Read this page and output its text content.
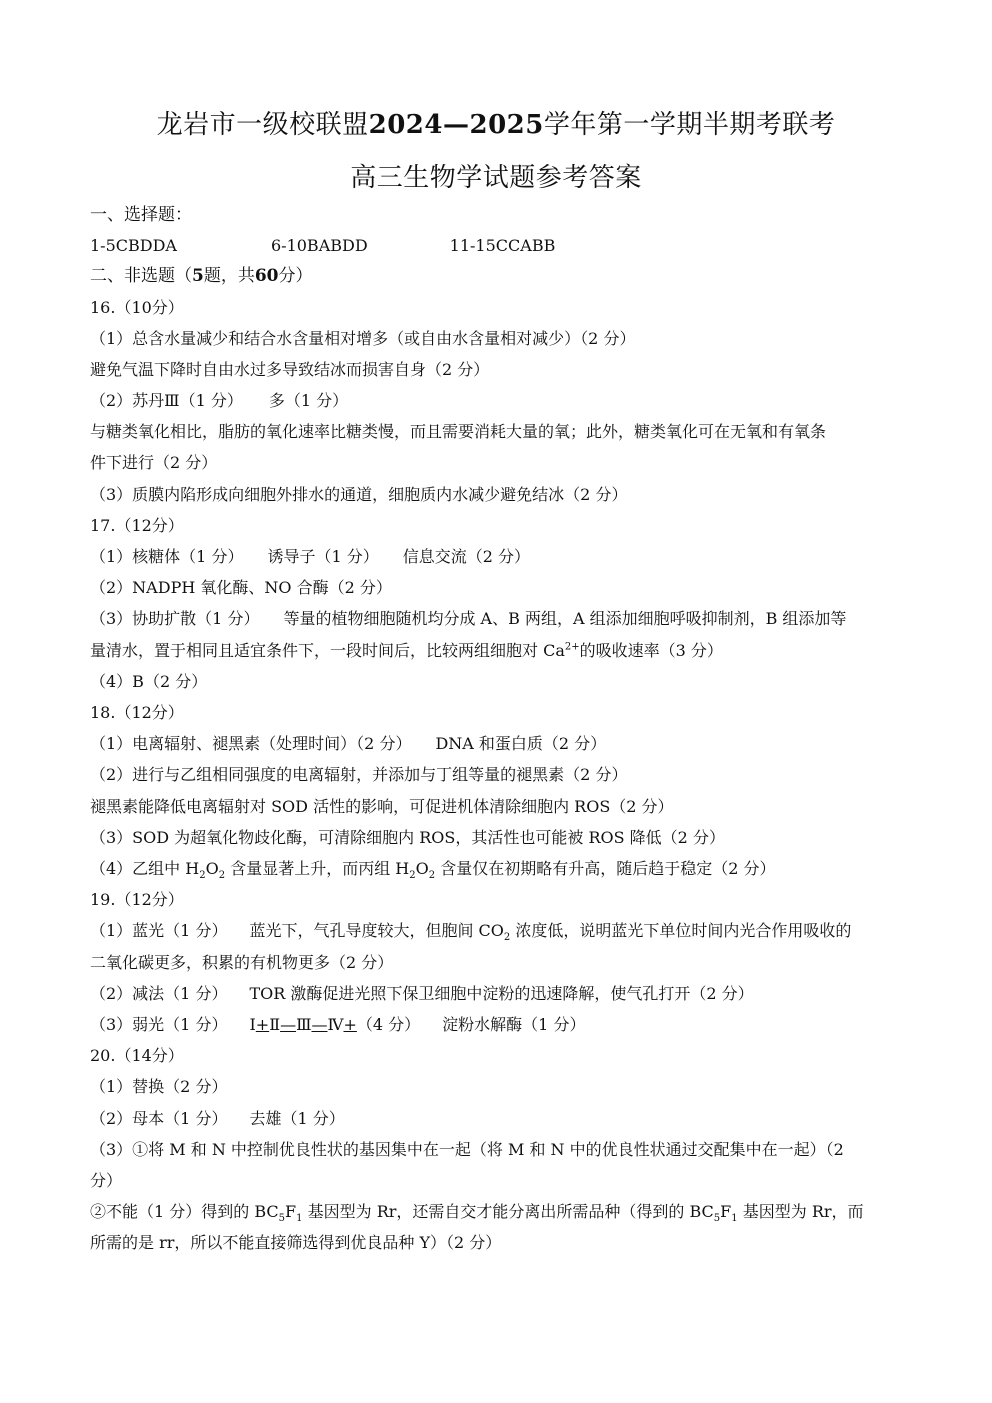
龙岩市一级校联盟2024—2025学年第一学期半期考联考
高三生物学试题参考答案
一、选择题：
1-5CBDDA	6-10BABDD	11-15CCABB
二、非选题（5题，共60分）
16.（10分）
（1）总含水量减少和结合水含量相对增多（或自由水含量相对减少）（2 分）
避免气温下降时自由水过多导致结冰而损害自身（2 分）
（2）苏丹Ⅲ（1 分） 多（1 分）
与糖类氧化相比，脂肪的氧化速率比糖类慢，而且需要消耗大量的氧；此外，糖类氧化可在无氧和有氧条
件下进行（2 分）
（3）质膜内陷形成向细胞外排水的通道，细胞质内水减少避免结冰（2 分）
17.（12分）
（1）核糖体（1 分） 诱导子（1 分） 信息交流（2 分）
（2）NADPH 氧化酶、NO 合酶（2 分）
（3）协助扩散（1 分） 等量的植物细胞随机均分成 A、B 两组，A 组添加细胞呼吸抑制剂，B 组添加等
量清水，置于相同且适宜条件下，一段时间后，比较两组细胞对 $Ca^{2+}$的吸收速率（3 分）
（4）B（2 分）
18.（12分）
（1）电离辐射、褪黑素（处理时间）（2 分） DNA 和蛋白质（2 分）
（2）进行与乙组相同强度的电离辐射，并添加与丁组等量的褪黑素（2 分）
褪黑素能降低电离辐射对 SOD 活性的影响，可促进机体清除细胞内 ROS（2 分）
（3）SOD 为超氧化物歧化酶，可清除细胞内 ROS，其活性也可能被 ROS 降低（2 分）
（4）乙组中 $H_2O_2$ 含量显著上升，而丙组 $H_2O_2$ 含量仅在初期略有升高，随后趋于稳定（2 分）
19.（12分）
（1）蓝光（1 分） 蓝光下，气孔导度较大，但胞间 $CO_2$ 浓度低，说明蓝光下单位时间内光合作用吸收的
二氧化碳更多，积累的有机物更多（2 分）
（2）减法（1 分） TOR 激酶促进光照下保卫细胞中淀粉的迅速降解，使气孔打开（2 分）
（3）弱光（1 分） I+Ⅱ—Ⅲ—Ⅳ+（4 分） 淀粉水解酶（1 分）
20.（14分）
（1）替换（2 分）
（2）母本（1 分） 去雄（1 分）
（3）①将 M 和 N 中控制优良性状的基因集中在一起（将 M 和 N 中的优良性状通过交配集中在一起）（2
分）
②不能（1 分）得到的 $BC_5F_1$ 基因型为 Rr，还需自交才能分离出所需品种（得到的 $BC_5F_1$ 基因型为 Rr，而
所需的是 rr，所以不能直接筛选得到优良品种 Y）（2 分）
